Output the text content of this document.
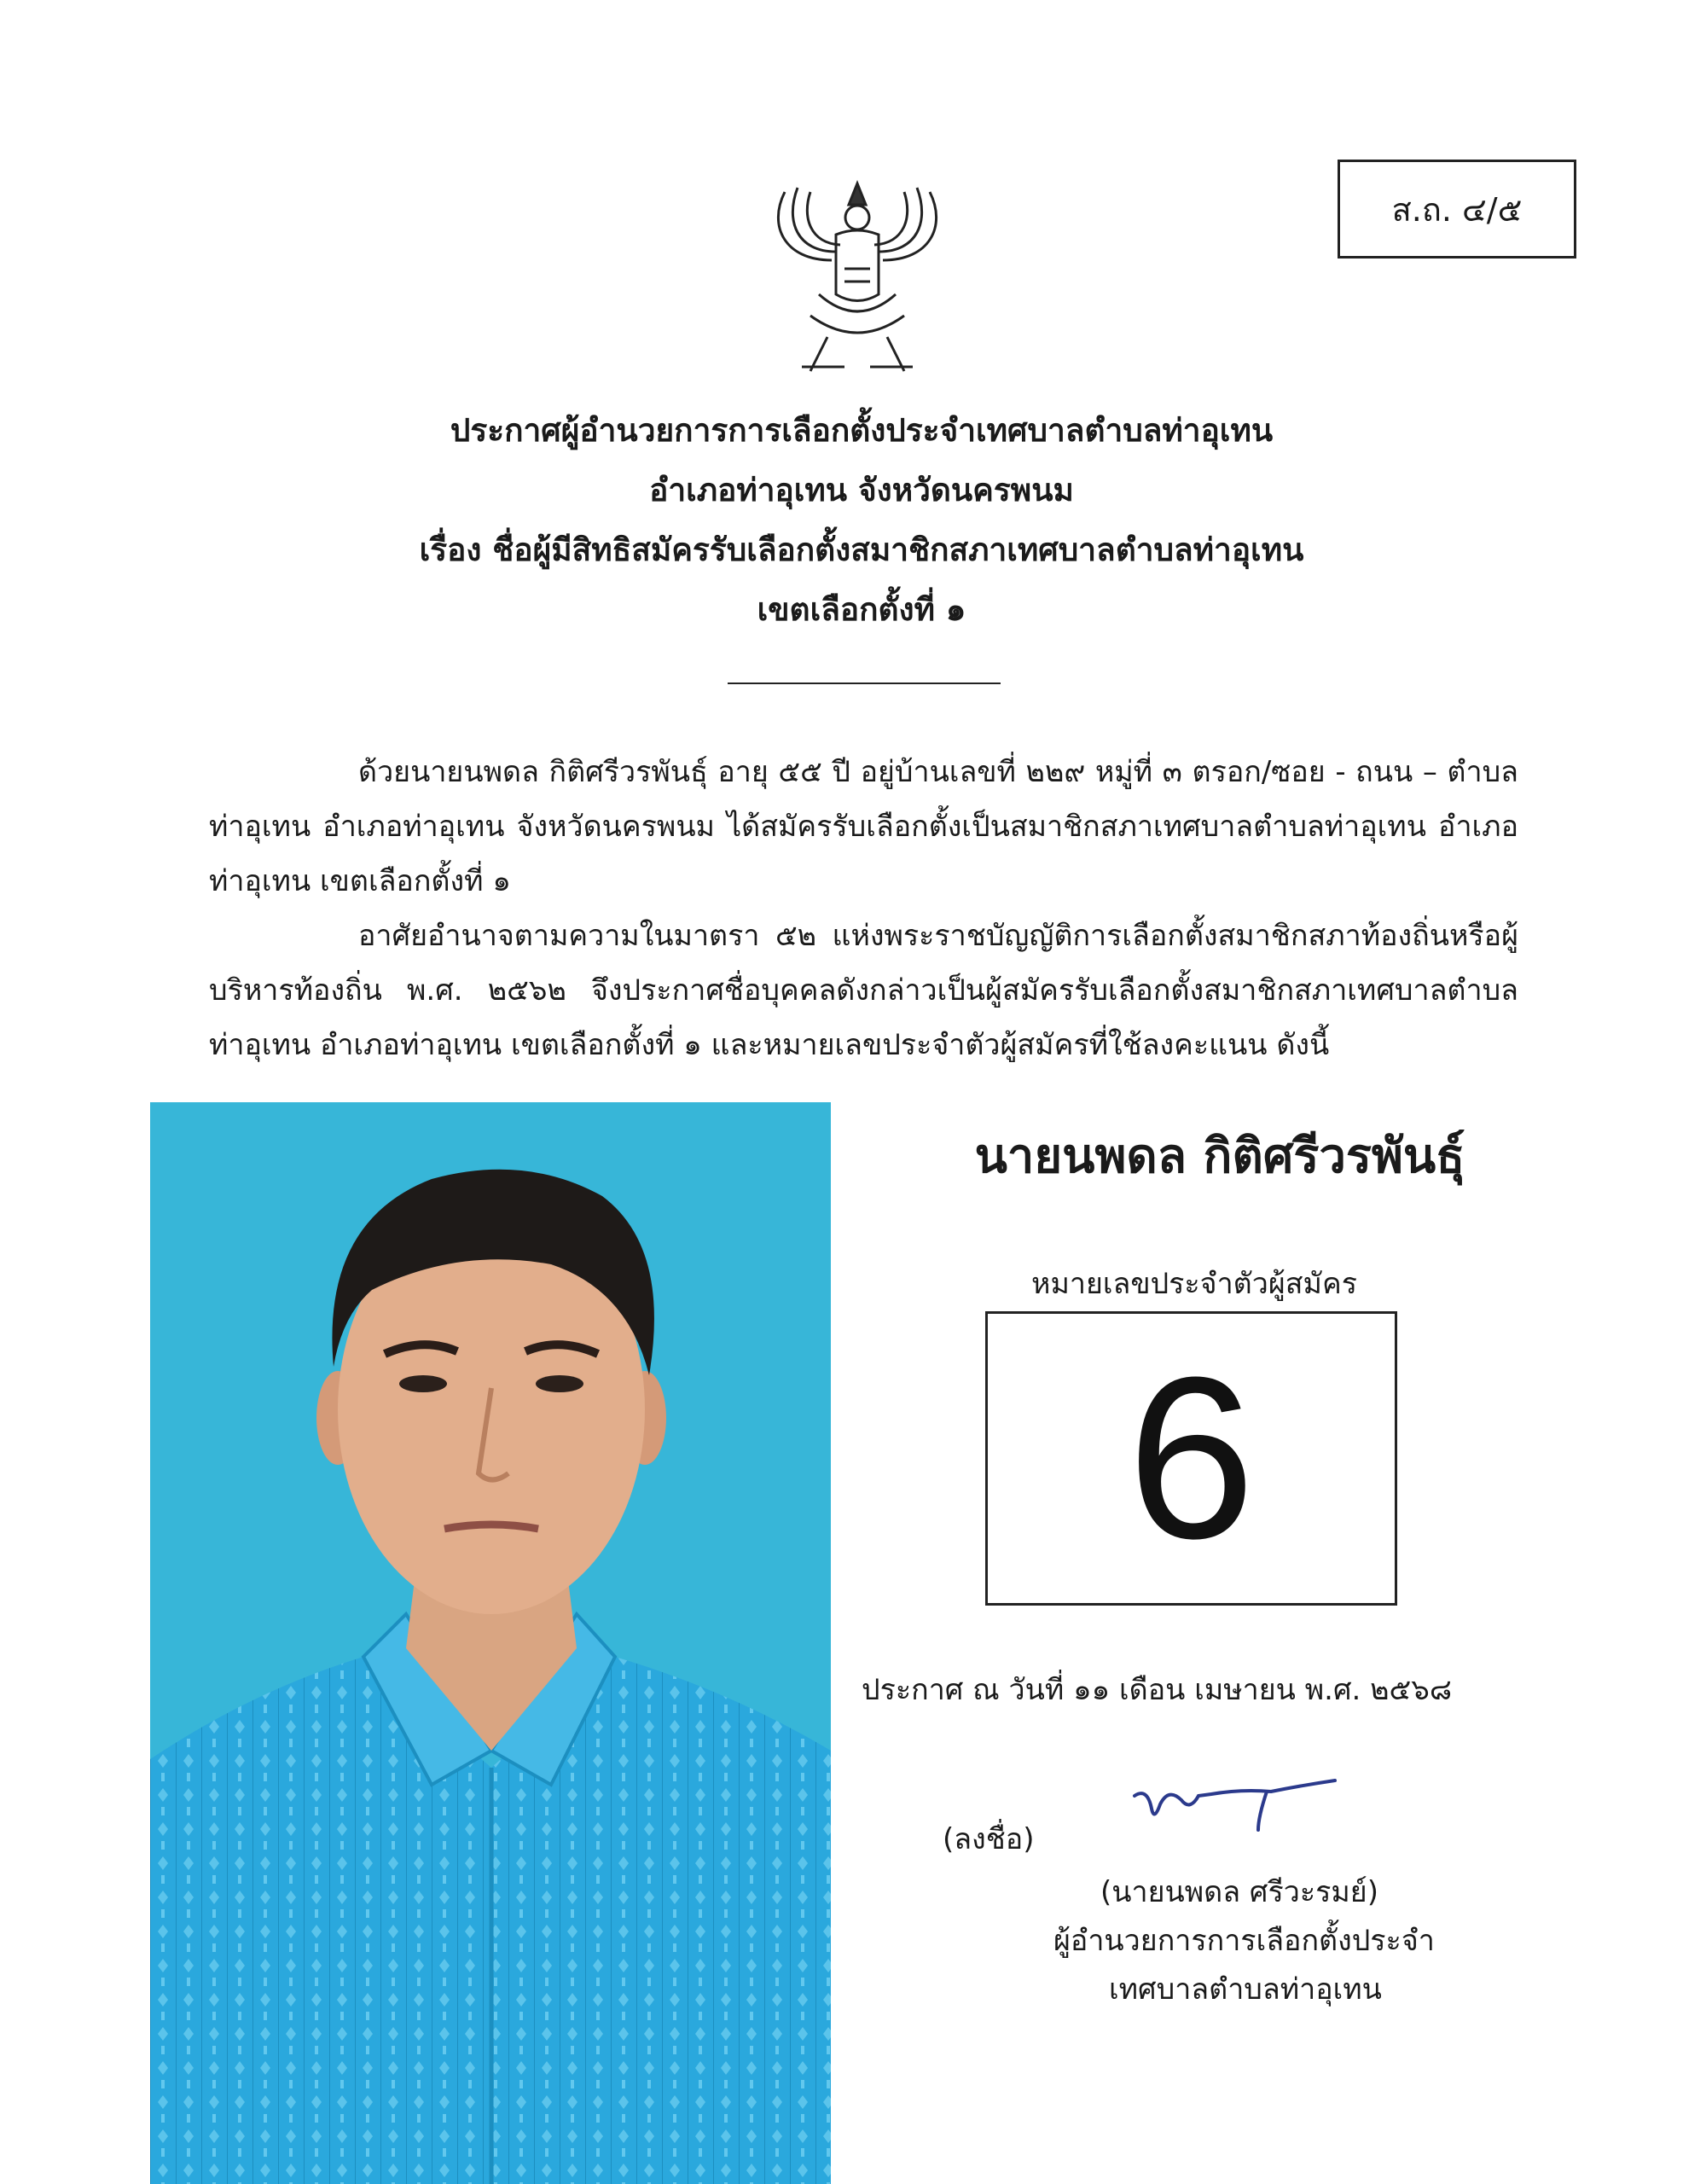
ส.ถ. ๔/๕
ประกาศผู้อำนวยการการเลือกตั้งประจำเทศบาลตำบลท่าอุเทน
อำเภอท่าอุเทน จังหวัดนครพนม
เรื่อง ชื่อผู้มีสิทธิสมัครรับเลือกตั้งสมาชิกสภาเทศบาลตำบลท่าอุเทน
เขตเลือกตั้งที่ ๑
ด้วยนายนพดล กิติศรีวรพันธุ์ อายุ ๕๕ ปี อยู่บ้านเลขที่ ๒๒๙ หมู่ที่ ๓ ตรอก/ซอย - ถนน – ตำบลท่าอุเทน อำเภอท่าอุเทน จังหวัดนครพนม ได้สมัครรับเลือกตั้งเป็นสมาชิกสภาเทศบาลตำบลท่าอุเทน อำเภอท่าอุเทน เขตเลือกตั้งที่ ๑
อาศัยอำนาจตามความในมาตรา ๕๒ แห่งพระราชบัญญัติการเลือกตั้งสมาชิกสภาท้องถิ่นหรือผู้บริหารท้องถิ่น พ.ศ. ๒๕๖๒ จึงประกาศชื่อบุคคลดังกล่าวเป็นผู้สมัครรับเลือกตั้งสมาชิกสภาเทศบาลตำบลท่าอุเทน อำเภอท่าอุเทน เขตเลือกตั้งที่ ๑ และหมายเลขประจำตัวผู้สมัครที่ใช้ลงคะแนน ดังนี้
นายนพดล กิติศรีวรพันธุ์
หมายเลขประจำตัวผู้สมัคร
6
ประกาศ ณ วันที่ ๑๑ เดือน เมษายน พ.ศ. ๒๕๖๘
(ลงชื่อ)
(นายนพดล ศรีวะรมย์)
ผู้อำนวยการการเลือกตั้งประจำ
เทศบาลตำบลท่าอุเทน
